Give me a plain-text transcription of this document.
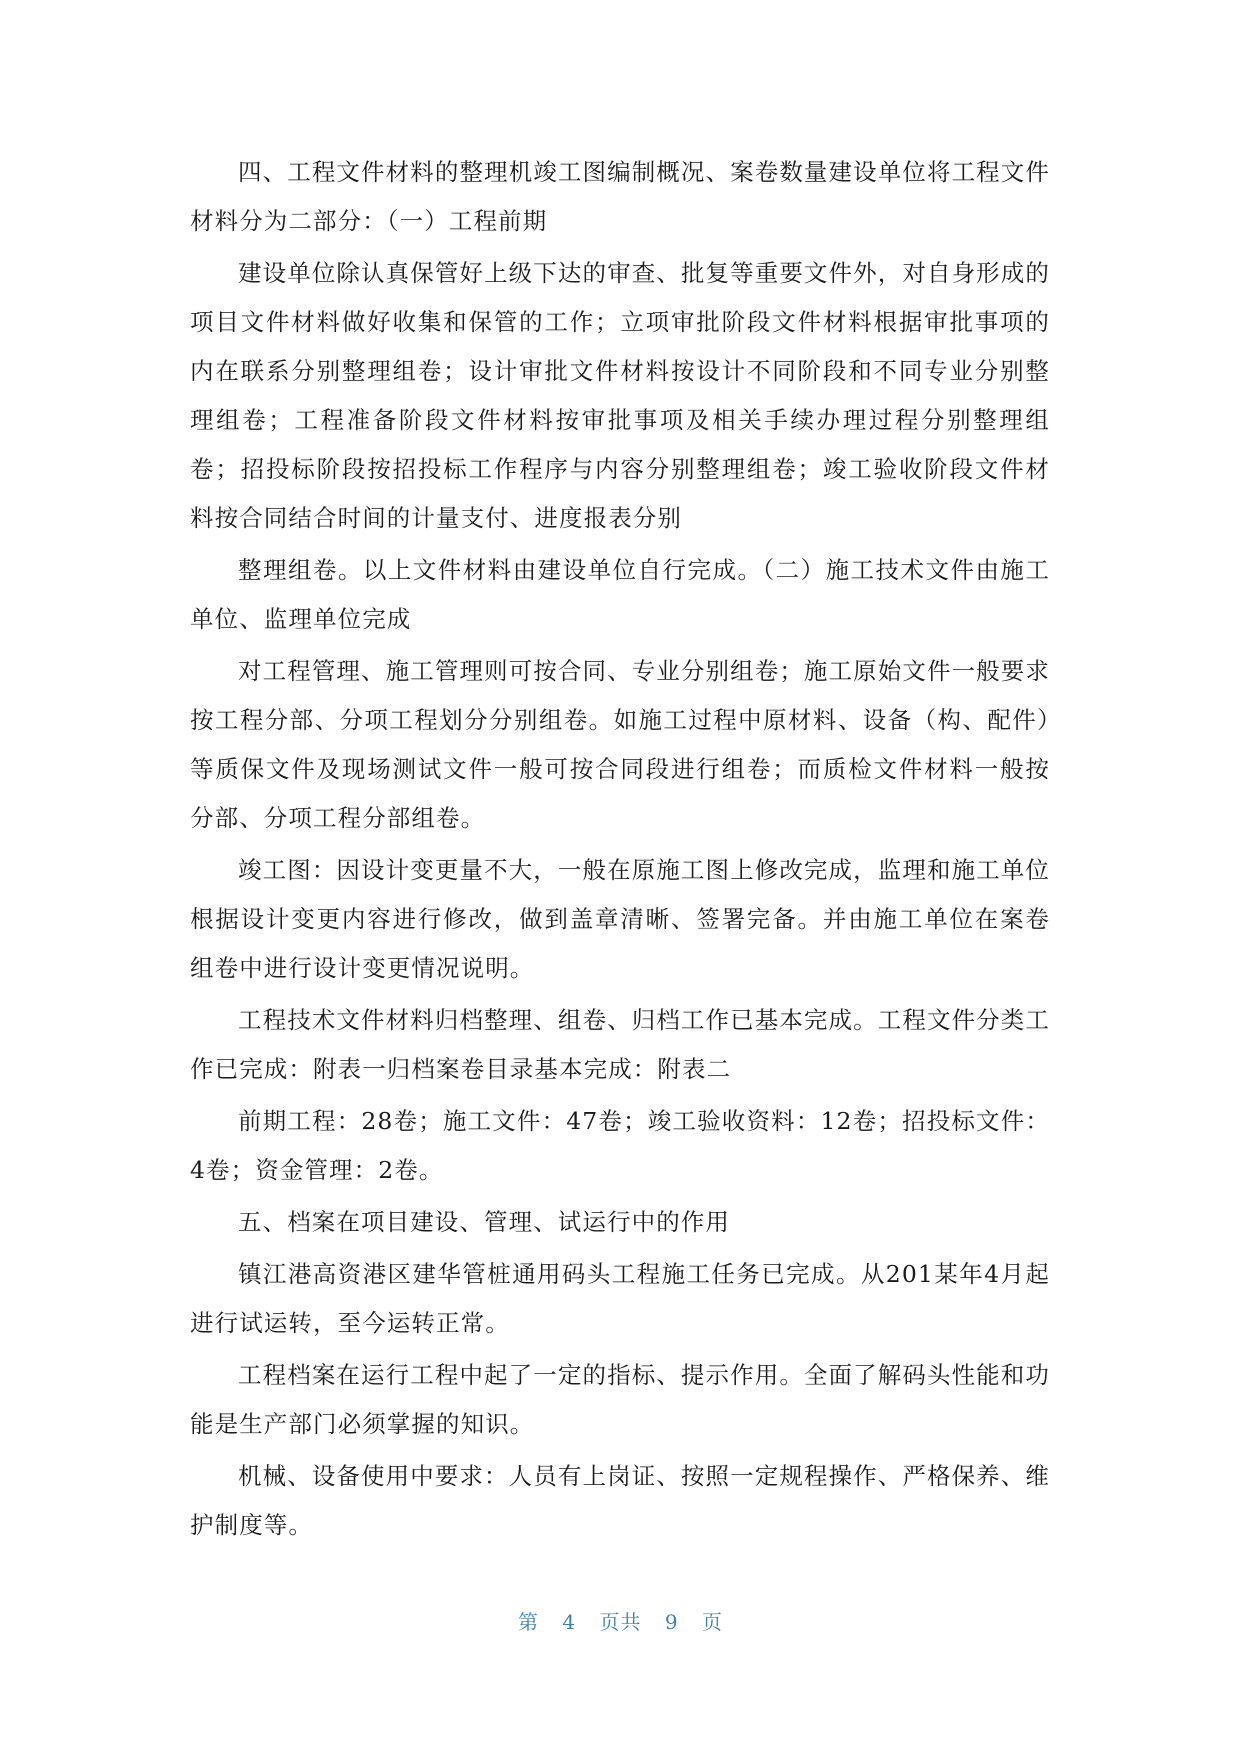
四、工程文件材料的整理机竣工图编制概况、案卷数量建设单位将工程文件材料分为二部分：（一）工程前期

建设单位除认真保管好上级下达的审查、批复等重要文件外，对自身形成的项目文件材料做好收集和保管的工作；立项审批阶段文件材料根据审批事项的内在联系分别整理组卷；设计审批文件材料按设计不同阶段和不同专业分别整理组卷；工程准备阶段文件材料按审批事项及相关手续办理过程分别整理组卷；招投标阶段按招投标工作程序与内容分别整理组卷；竣工验收阶段文件材料按合同结合时间的计量支付、进度报表分别

整理组卷。以上文件材料由建设单位自行完成。（二）施工技术文件由施工单位、监理单位完成

对工程管理、施工管理则可按合同、专业分别组卷；施工原始文件一般要求按工程分部、分项工程划分分别组卷。如施工过程中原材料、设备（构、配件）等质保文件及现场测试文件一般可按合同段进行组卷；而质检文件材料一般按分部、分项工程分部组卷。

竣工图：因设计变更量不大，一般在原施工图上修改完成，监理和施工单位根据设计变更内容进行修改，做到盖章清晰、签署完备。并由施工单位在案卷组卷中进行设计变更情况说明。

工程技术文件材料归档整理、组卷、归档工作已基本完成。工程文件分类工作已完成：附表一归档案卷目录基本完成：附表二

前期工程：28卷；施工文件：47卷；竣工验收资料：12卷；招投标文件：4卷；资金管理：2卷。

五、档案在项目建设、管理、试运行中的作用

镇江港高资港区建华管桩通用码头工程施工任务已完成。从201某年4月起进行试运转，至今运转正常。

工程档案在运行工程中起了一定的指标、提示作用。全面了解码头性能和功能是生产部门必须掌握的知识。

机械、设备使用中要求：人员有上岗证、按照一定规程操作、严格保养、维护制度等。

第 4 页共 9 页
